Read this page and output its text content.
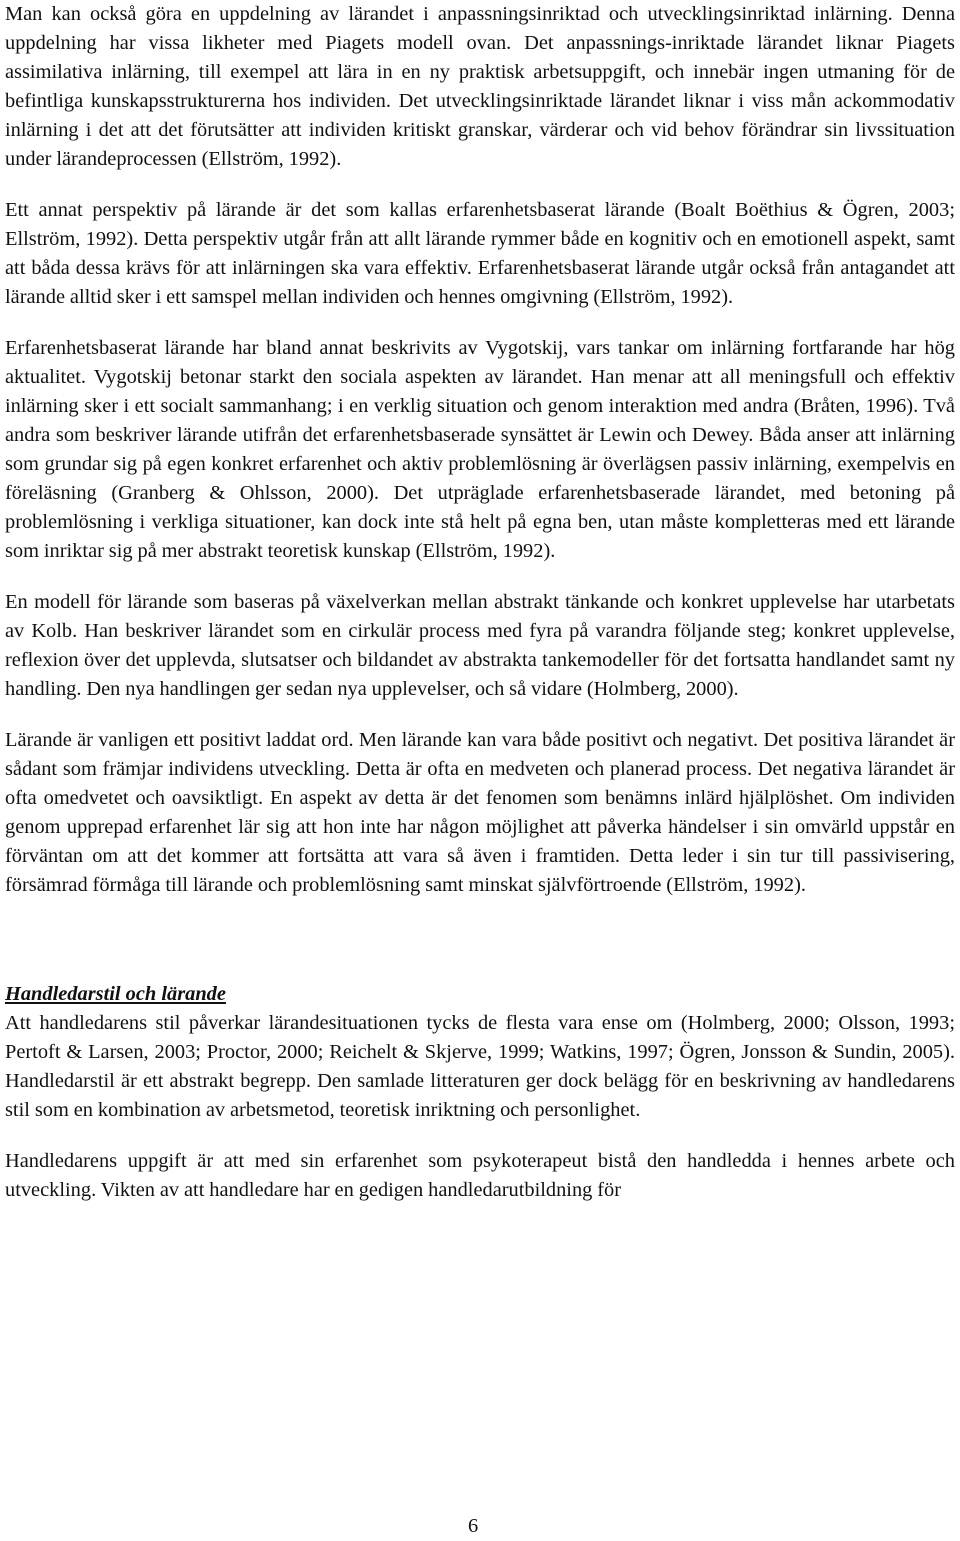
Man kan också göra en uppdelning av lärandet i anpassningsinriktad och utvecklingsinriktad inlärning. Denna uppdelning har vissa likheter med Piagets modell ovan. Det anpassnings-inriktade lärandet liknar Piagets assimilativa inlärning, till exempel att lära in en ny praktisk arbetsuppgift, och innebär ingen utmaning för de befintliga kunskapsstrukturerna hos individen. Det utvecklingsinriktade lärandet liknar i viss mån ackommodativ inlärning i det att det förutsätter att individen kritiskt granskar, värderar och vid behov förändrar sin livssituation under lärandeprocessen (Ellström, 1992).

Ett annat perspektiv på lärande är det som kallas erfarenhetsbaserat lärande (Boalt Boëthius & Ögren, 2003; Ellström, 1992). Detta perspektiv utgår från att allt lärande rymmer både en kognitiv och en emotionell aspekt, samt att båda dessa krävs för att inlärningen ska vara effektiv. Erfarenhetsbaserat lärande utgår också från antagandet att lärande alltid sker i ett samspel mellan individen och hennes omgivning (Ellström, 1992).

Erfarenhetsbaserat lärande har bland annat beskrivits av Vygotskij, vars tankar om inlärning fortfarande har hög aktualitet. Vygotskij betonar starkt den sociala aspekten av lärandet. Han menar att all meningsfull och effektiv inlärning sker i ett socialt sammanhang; i en verklig situation och genom interaktion med andra (Bråten, 1996). Två andra som beskriver lärande utifrån det erfarenhetsbaserade synsättet är Lewin och Dewey. Båda anser att inlärning som grundar sig på egen konkret erfarenhet och aktiv problemlösning är överlägsen passiv inlärning, exempelvis en föreläsning (Granberg & Ohlsson, 2000). Det utpräglade erfarenhetsbaserade lärandet, med betoning på problemlösning i verkliga situationer, kan dock inte stå helt på egna ben, utan måste kompletteras med ett lärande som inriktar sig på mer abstrakt teoretisk kunskap (Ellström, 1992).

En modell för lärande som baseras på växelverkan mellan abstrakt tänkande och konkret upplevelse har utarbetats av Kolb. Han beskriver lärandet som en cirkulär process med fyra på varandra följande steg; konkret upplevelse, reflexion över det upplevda, slutsatser och bildandet av abstrakta tankemodeller för det fortsatta handlandet samt ny handling. Den nya handlingen ger sedan nya upplevelser, och så vidare (Holmberg, 2000).

Lärande är vanligen ett positivt laddat ord. Men lärande kan vara både positivt och negativt. Det positiva lärandet är sådant som främjar individens utveckling. Detta är ofta en medveten och planerad process. Det negativa lärandet är ofta omedvetet och oavsiktligt. En aspekt av detta är det fenomen som benämns inlärd hjälplöshet. Om individen genom upprepad erfarenhet lär sig att hon inte har någon möjlighet att påverka händelser i sin omvärld uppstår en förväntan om att det kommer att fortsätta att vara så även i framtiden. Detta leder i sin tur till passivisering, försämrad förmåga till lärande och problemlösning samt minskat självförtroende (Ellström, 1992).

Handledarstil och lärande

Att handledarens stil påverkar lärandesituationen tycks de flesta vara ense om (Holmberg, 2000; Olsson, 1993; Pertoft & Larsen, 2003; Proctor, 2000; Reichelt & Skjerve, 1999; Watkins, 1997; Ögren, Jonsson & Sundin, 2005). Handledarstil är ett abstrakt begrepp. Den samlade litteraturen ger dock belägg för en beskrivning av handledarens stil som en kombination av arbetsmetod, teoretisk inriktning och personlighet.

Handledarens uppgift är att med sin erfarenhet som psykoterapeut bistå den handledda i hennes arbete och utveckling. Vikten av att handledare har en gedigen handledarutbildning för

6
